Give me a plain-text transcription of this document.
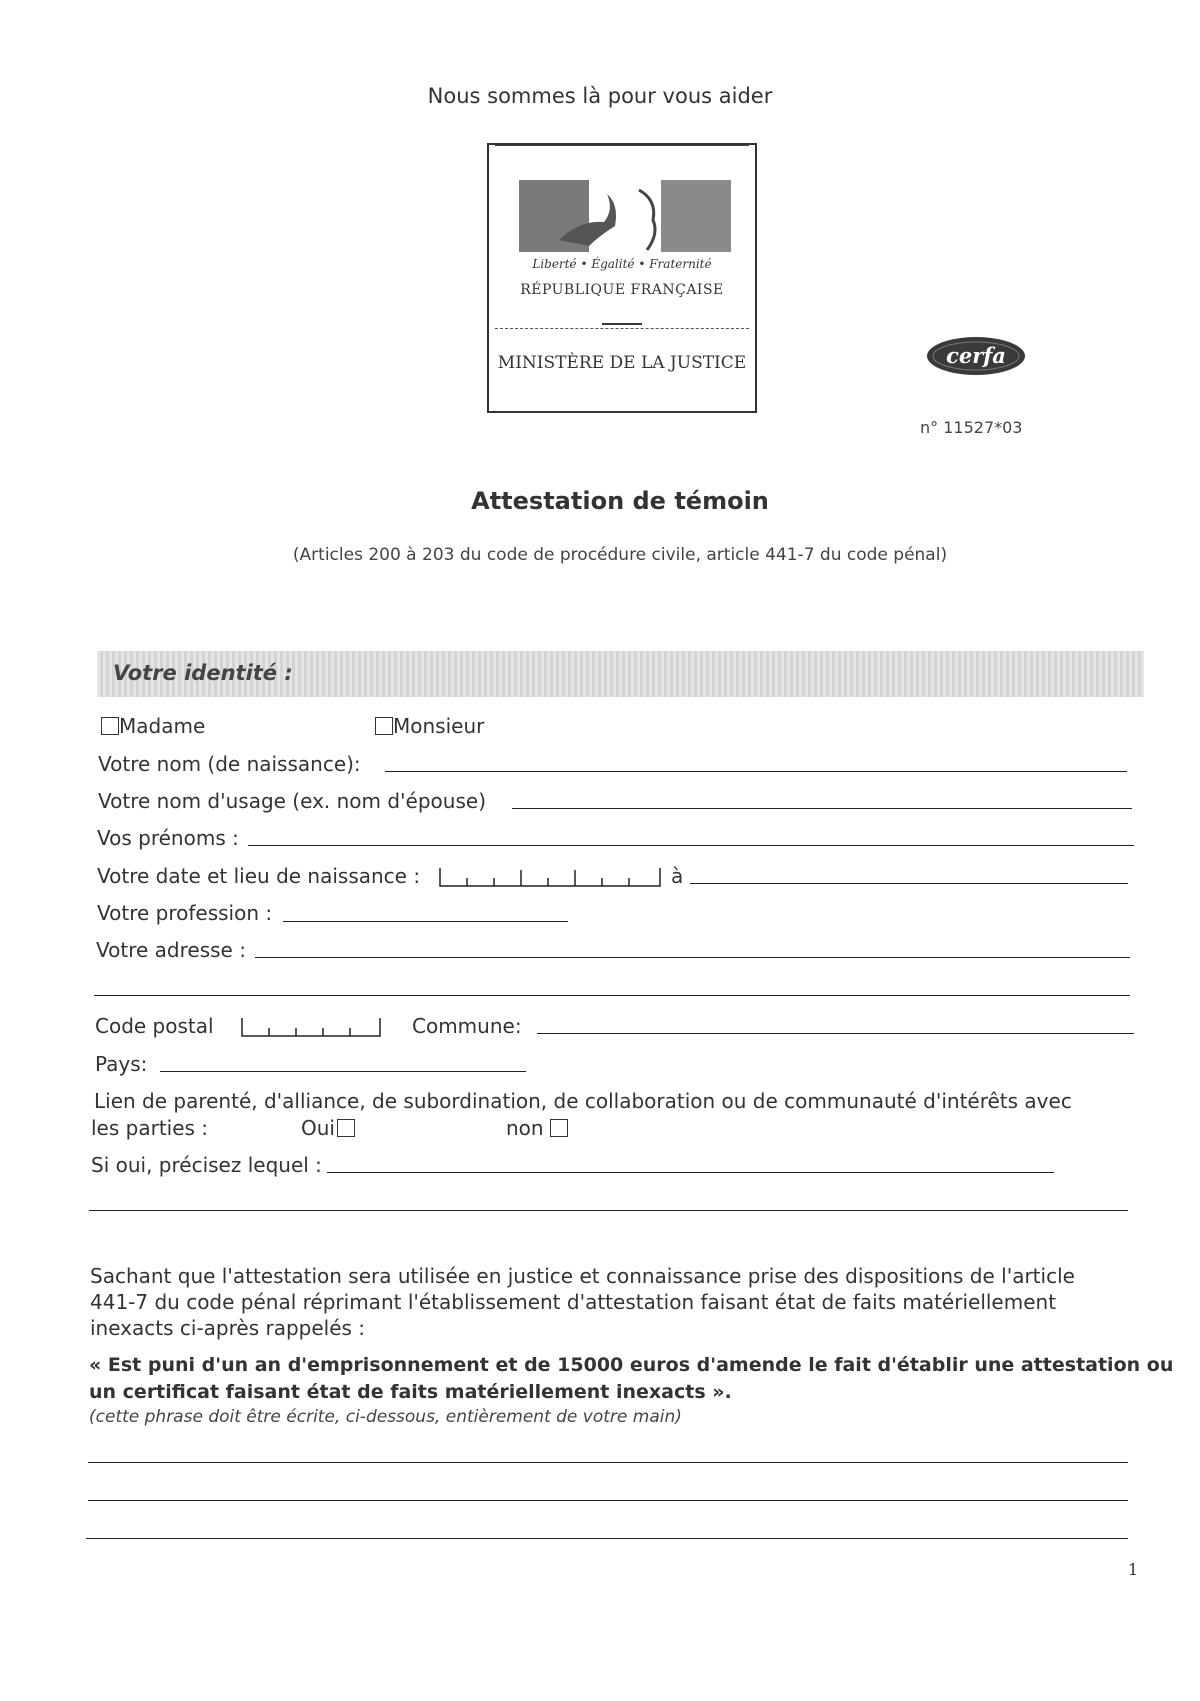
Nous sommes là pour vous aider
Liberté • Égalité • Fraternité
RÉPUBLIQUE FRANÇAISE
MINISTÈRE DE LA JUSTICE	cerfa
n° 11527*03
Attestation de témoin
(Articles 200 à 203 du code de procédure civile, article 441-7 du code pénal)
Votre identité :
Madame	Monsieur
Votre nom (de naissance):
Votre nom d'usage (ex. nom d'épouse)
Vos prénoms :
Votre date et lieu de naissance :	à
Votre profession :
Votre adresse :
Code postal	Commune:
Pays:
Lien de parenté, d'alliance, de subordination, de collaboration ou de communauté d'intérêts avec
les parties :	Oui	non
Si oui, précisez lequel :
Sachant que l'attestation sera utilisée en justice et connaissance prise des dispositions de l'article
441-7 du code pénal réprimant l'établissement d'attestation faisant état de faits matériellement
inexacts ci-après rappelés :
« Est puni d'un an d'emprisonnement et de 15000 euros d'amende le fait d'établir une attestation ou
un certificat faisant état de faits matériellement inexacts ».
(cette phrase doit être écrite, ci-dessous, entièrement de votre main)
1
